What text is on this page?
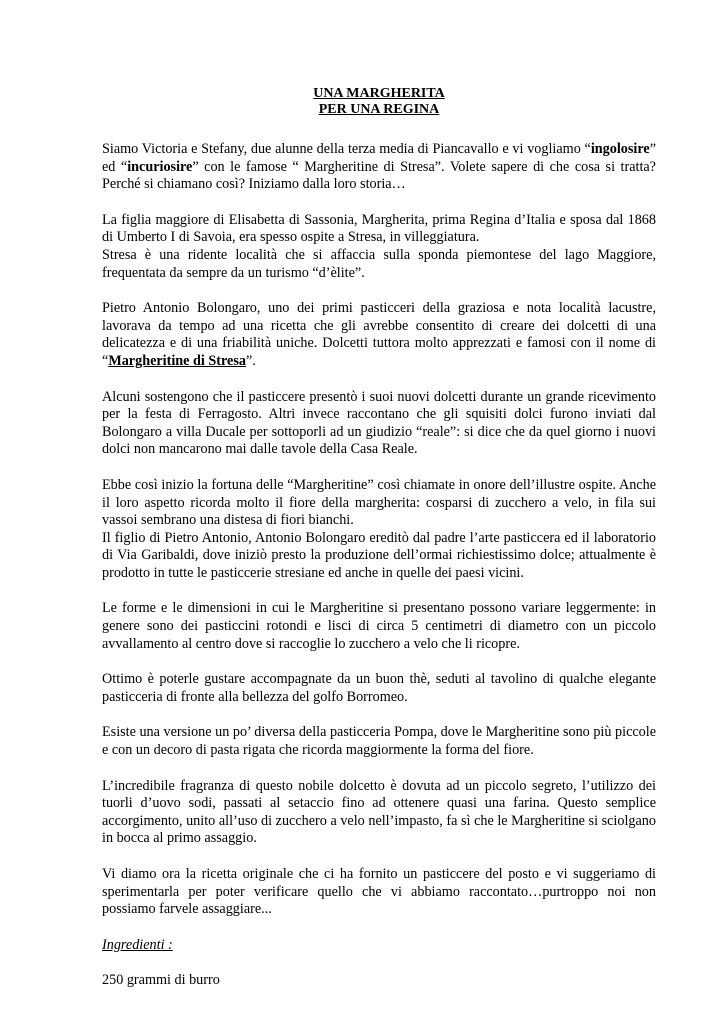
UNA MARGHERITA
PER UNA REGINA

Siamo Victoria e Stefany, due alunne della terza media di Piancavallo e vi vogliamo “ingolosire” ed “incuriosire” con le famose “ Margheritine di Stresa”. Volete sapere di che cosa si tratta? Perché si chiamano così? Iniziamo dalla loro storia…

La figlia maggiore di Elisabetta di Sassonia, Margherita, prima Regina d’Italia e sposa dal 1868 di Umberto I di Savoia, era spesso ospite a Stresa, in villeggiatura.

Stresa è una ridente località che si affaccia sulla sponda piemontese del lago Maggiore, frequentata da sempre da un turismo “d’èlite”.

Pietro Antonio Bolongaro, uno dei primi pasticceri della graziosa e nota località lacustre, lavorava da tempo ad una ricetta che gli avrebbe consentito di creare dei dolcetti di una delicatezza e di una friabilità uniche. Dolcetti tuttora molto apprezzati e famosi con il nome di “Margheritine di Stresa”.

Alcuni sostengono che il pasticcere presentò i suoi nuovi dolcetti durante un grande ricevimento per la festa di Ferragosto. Altri invece raccontano che gli squisiti dolci furono inviati dal Bolongaro a villa Ducale per sottoporli ad un giudizio “reale”: si dice che da quel giorno i nuovi dolci non mancarono mai dalle tavole della Casa Reale.

Ebbe così inizio la fortuna delle “Margheritine” così chiamate in onore dell’illustre ospite. Anche il loro aspetto ricorda molto il fiore della margherita: cosparsi di zucchero a velo, in fila sui vassoi sembrano una distesa di fiori bianchi.

Il figlio di Pietro Antonio, Antonio Bolongaro ereditò dal padre l’arte pasticcera ed il laboratorio di Via Garibaldi, dove iniziò presto la produzione dell’ormai richiestissimo dolce; attualmente è prodotto in tutte le pasticcerie stresiane ed anche in quelle dei paesi vicini.

Le forme e le dimensioni in cui le Margheritine si presentano possono variare leggermente: in genere sono dei pasticcini rotondi e lisci di circa 5 centimetri di diametro con un piccolo avvallamento al centro dove si raccoglie lo zucchero a velo che li ricopre.

Ottimo è poterle gustare accompagnate da un buon thè, seduti al tavolino di qualche elegante pasticceria di fronte alla bellezza del golfo Borromeo.

Esiste una versione un po’ diversa della pasticceria Pompa, dove le Margheritine sono più piccole e con un decoro di pasta rigata che ricorda maggiormente la forma del fiore.

L’incredibile fragranza di questo nobile dolcetto è dovuta ad un piccolo segreto, l’utilizzo dei tuorli d’uovo sodi, passati al setaccio fino ad ottenere quasi una farina. Questo semplice accorgimento, unito all’uso di zucchero a velo nell’impasto, fa sì che le Margheritine si sciolgano in bocca al primo assaggio.

Vi diamo ora la ricetta originale che ci ha fornito un pasticcere del posto e vi suggeriamo di sperimentarla per poter verificare quello che vi abbiamo raccontato…purtroppo noi non possiamo farvele assaggiare...

Ingredienti :

250 grammi di burro
